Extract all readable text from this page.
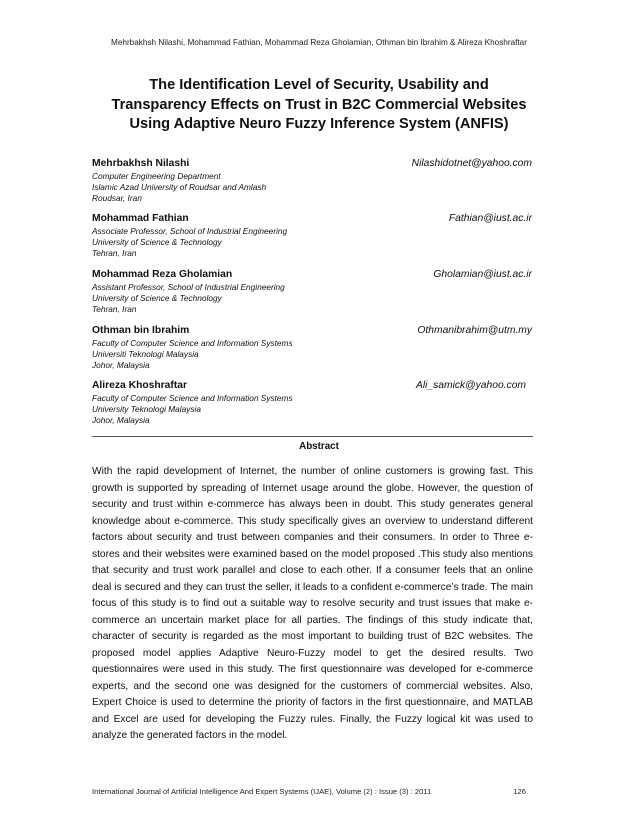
Mehrbakhsh Nilashi, Mohammad Fathian, Mohammad Reza Gholamian, Othman bin Ibrahim & Alireza Khoshraftar
The Identification Level of Security, Usability and
Transparency Effects on Trust in B2C Commercial Websites
Using Adaptive Neuro Fuzzy Inference System (ANFIS)
Mehrbakhsh Nilashi	Nilashidotnet@yahoo.com
Computer Engineering Department
Islamic Azad University of Roudsar and Amlash
Roudsar, Iran
Mohammad Fathian	Fathian@iust.ac.ir
Associate Professor, School of Industrial Engineering
University of Science & Technology
Tehran, Iran
Mohammad Reza Gholamian	Gholamian@iust.ac.ir
Assistant Professor, School of Industrial Engineering
University of Science & Technology
Tehran, Iran
Othman bin Ibrahim	Othmanibrahim@utm.my
Faculty of Computer Science and Information Systems
Universiti Teknologi Malaysia
Johor, Malaysia
Alireza Khoshraftar	Ali_samick@yahoo.com
Faculty of Computer Science and Information Systems
University Teknologi Malaysia
Johor, Malaysia
Abstract
With the rapid development of Internet, the number of online customers is growing fast. This growth is supported by spreading of Internet usage around the globe. However, the question of security and trust within e-commerce has always been in doubt. This study generates general knowledge about e-commerce. This study specifically gives an overview to understand different factors about security and trust between companies and their consumers. In order to Three e-stores and their websites were examined based on the model proposed .This study also mentions that security and trust work parallel and close to each other. If a consumer feels that an online deal is secured and they can trust the seller, it leads to a confident e-commerce’s trade. The main focus of this study is to find out a suitable way to resolve security and trust issues that make e-commerce an uncertain market place for all parties. The findings of this study indicate that, character of security is regarded as the most important to building trust of B2C websites. The proposed model applies Adaptive Neuro-Fuzzy model to get the desired results. Two questionnaires were used in this study. The first questionnaire was developed for e-commerce experts, and the second one was designed for the customers of commercial websites. Also, Expert Choice is used to determine the priority of factors in the first questionnaire, and MATLAB and Excel are used for developing the Fuzzy rules. Finally, the Fuzzy logical kit was used to analyze the generated factors in the model.
International Journal of Artificial Intelligence And Expert Systems (IJAE), Volume (2) : Issue (3) : 2011	126
